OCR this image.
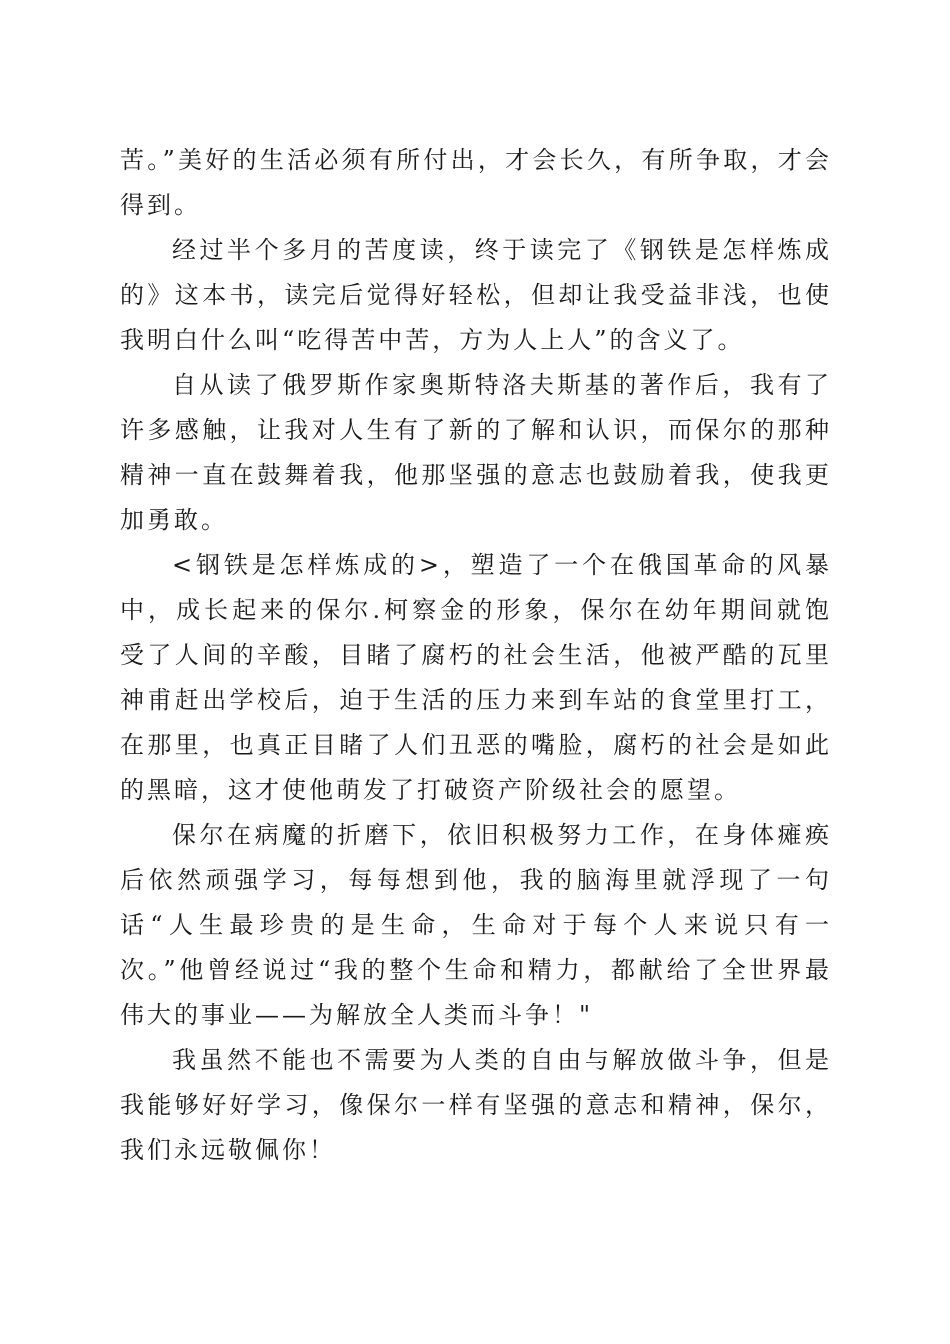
苦。”美好的生活必须有所付出，才会长久，有所争取，才会得到。

经过半个多月的苦度读，终于读完了《钢铁是怎样炼成的》这本书，读完后觉得好轻松，但却让我受益非浅，也使我明白什么叫“吃得苦中苦，方为人上人”的含义了。

自从读了俄罗斯作家奥斯特洛夫斯基的著作后，我有了许多感触，让我对人生有了新的了解和认识，而保尔的那种精神一直在鼓舞着我，他那坚强的意志也鼓励着我，使我更加勇敢。

<钢铁是怎样炼成的>，塑造了一个在俄国革命的风暴中，成长起来的保尔.柯察金的形象，保尔在幼年期间就饱受了人间的辛酸，目睹了腐朽的社会生活，他被严酷的瓦里神甫赶出学校后，迫于生活的压力来到车站的食堂里打工，在那里，也真正目睹了人们丑恶的嘴脸，腐朽的社会是如此的黑暗，这才使他萌发了打破资产阶级社会的愿望。

保尔在病魔的折磨下，依旧积极努力工作，在身体瘫痪后依然顽强学习，每每想到他，我的脑海里就浮现了一句话“人生最珍贵的是生命，生命对于每个人来说只有一次。”他曾经说过“我的整个生命和精力，都献给了全世界最伟大的事业——为解放全人类而斗争！"

我虽然不能也不需要为人类的自由与解放做斗争，但是我能够好好学习，像保尔一样有坚强的意志和精神，保尔，我们永远敬佩你！
